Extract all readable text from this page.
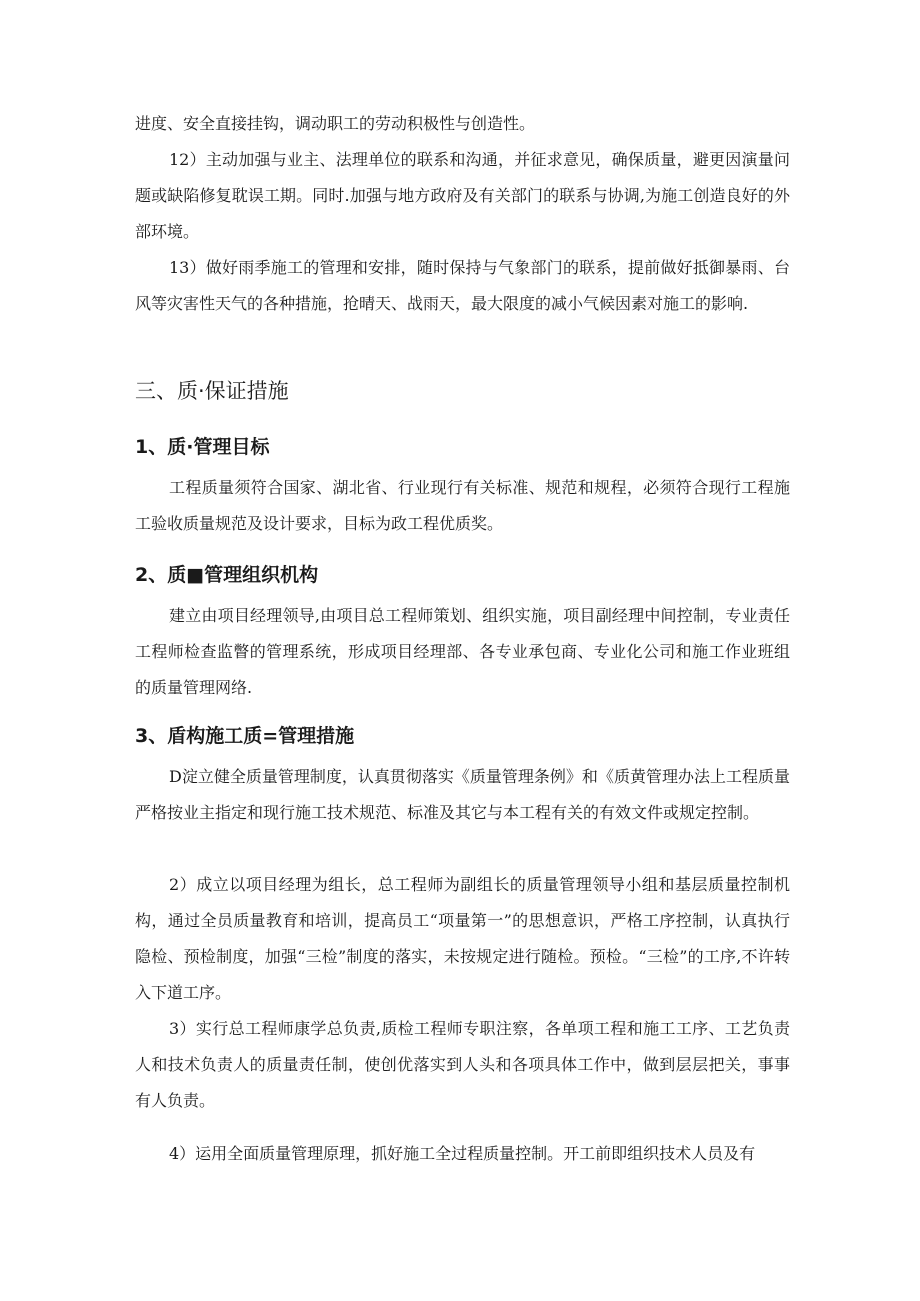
进度、安全直接挂钩，调动职工的劳动积极性与创造性。

12）主动加强与业主、法理单位的联系和沟通，并征求意见，确保质量，避更因演量问题或缺陷修复耽误工期。同时.加强与地方政府及有关部门的联系与协调,为施工创造良好的外部环境。

13）做好雨季施工的管理和安排，随时保持与气象部门的联系，提前做好抵御暴雨、台风等灾害性天气的各种措施，抢晴天、战雨天，最大限度的减小气候因素对施工的影响.

三、质·保证措施
1、质·管理目标

工程质量须符合国家、湖北省、行业现行有关标准、规范和规程，必须符合现行工程施工验收质量规范及设计要求，目标为政工程优质奖。

2、质■管理组织机构

建立由项目经理领导,由项目总工程师策划、组织实施，项目副经理中间控制，专业责任工程师检查监瞥的管理系统，形成项目经理部、各专业承包商、专业化公司和施工作业班组的质量管理网络.

3、盾构施工质=管理措施

D淀立健全质量管理制度，认真贯彻落实《质量管理条例》和《质黄管理办法上工程质量严格按业主指定和现行施工技术规范、标准及其它与本工程有关的有效文件或规定控制。

2）成立以项目经理为组长，总工程师为副组长的质量管理领导小组和基层质量控制机构，通过全员质量教育和培训，提高员工“项量第一”的思想意识，严格工序控制，认真执行隐检、预检制度，加强“三检”制度的落实，未按规定进行随检。预检。“三检”的工序,不许转入下道工序。

3）实行总工程师康学总负责,质检工程师专职注察，各单项工程和施工工序、工艺负责人和技术负责人的质量责任制，使创优落实到人头和各项具体工作中，做到层层把关，事事有人负责。

4）运用全面质量管理原理，抓好施工全过程质量控制。开工前即组织技术人员及有
